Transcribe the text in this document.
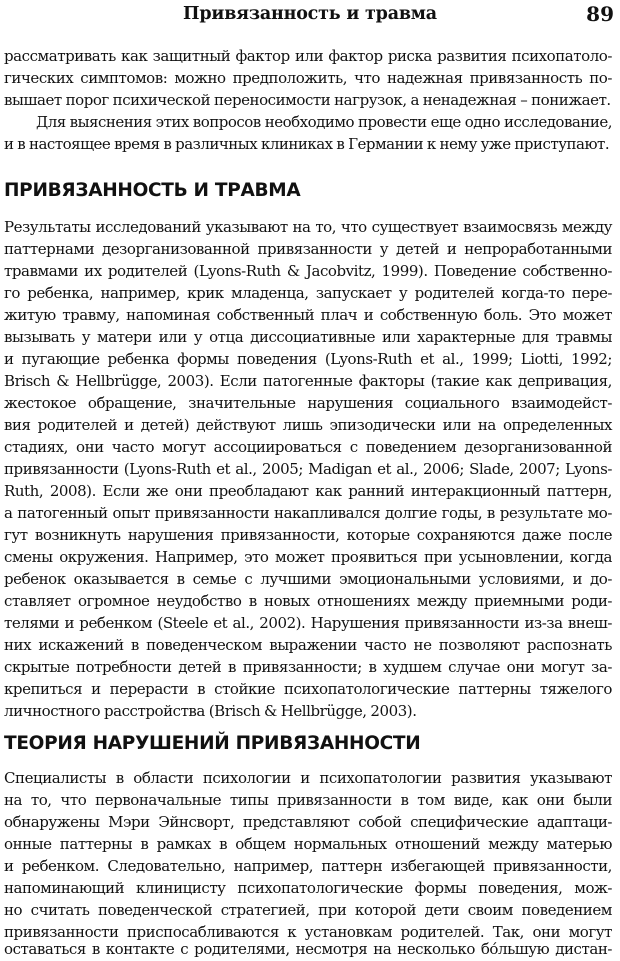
Привязанность и травма	89
рассматривать как защитный фактор или фактор риска развития психопатоло-
гических симптомов: можно предположить, что надежная привязанность по-
вышает порог психической переносимости нагрузок, а ненадежная – понижает.
Для выяснения этих вопросов необходимо провести еще одно исследование,
и в настоящее время в различных клиниках в Германии к нему уже приступают.
ПРИВЯЗАННОСТЬ И ТРАВМА
Результаты исследований указывают на то, что существует взаимосвязь между
паттернами дезорганизованной привязанности у детей и непроработанными
травмами их родителей (Lyons-Ruth & Jacobvitz, 1999). Поведение собственно-
го ребенка, например, крик младенца, запускает у родителей когда-то пере-
житую травму, напоминая собственный плач и собственную боль. Это может
вызывать у матери или у отца диссоциативные или характерные для травмы
и пугающие ребенка формы поведения (Lyons-Ruth et al., 1999; Liotti, 1992;
Brisch & Hellbrügge, 2003). Если патогенные факторы (такие как депривация,
жестокое обращение, значительные нарушения социального взаимодейст-
вия родителей и детей) действуют лишь эпизодически или на определенных
стадиях, они часто могут ассоциироваться с поведением дезорганизованной
привязанности (Lyons-Ruth et al., 2005; Madigan et al., 2006; Slade, 2007; Lyons-
Ruth, 2008). Если же они преобладают как ранний интеракционный паттерн,
а патогенный опыт привязанности накапливался долгие годы, в результате мо-
гут возникнуть нарушения привязанности, которые сохраняются даже после
смены окружения. Например, это может проявиться при усыновлении, когда
ребенок оказывается в семье с лучшими эмоциональными условиями, и до-
ставляет огромное неудобство в новых отношениях между приемными роди-
телями и ребенком (Steele et al., 2002). Нарушения привязанности из-за внеш-
них искажений в поведенческом выражении часто не позволяют распознать
скрытые потребности детей в привязанности; в худшем случае они могут за-
крепиться и перерасти в стойкие психопатологические паттерны тяжелого
личностного расстройства (Brisch & Hellbrügge, 2003).
ТЕОРИЯ НАРУШЕНИЙ ПРИВЯЗАННОСТИ
Специалисты в области психологии и психопатологии развития указывают
на то, что первоначальные типы привязанности в том виде, как они были
обнаружены Мэри Эйнсворт, представляют собой специфические адаптаци-
онные паттерны в рамках в общем нормальных отношений между матерью
и ребенком. Следовательно, например, паттерн избегающей привязанности,
напоминающий клиницисту психопатологические формы поведения, мож-
но считать поведенческой стратегией, при которой дети своим поведением
привязанности приспосабливаются к установкам родителей. Так, они могут
оставаться в контакте с родителями, несмотря на несколько бо́льшую дистан-
